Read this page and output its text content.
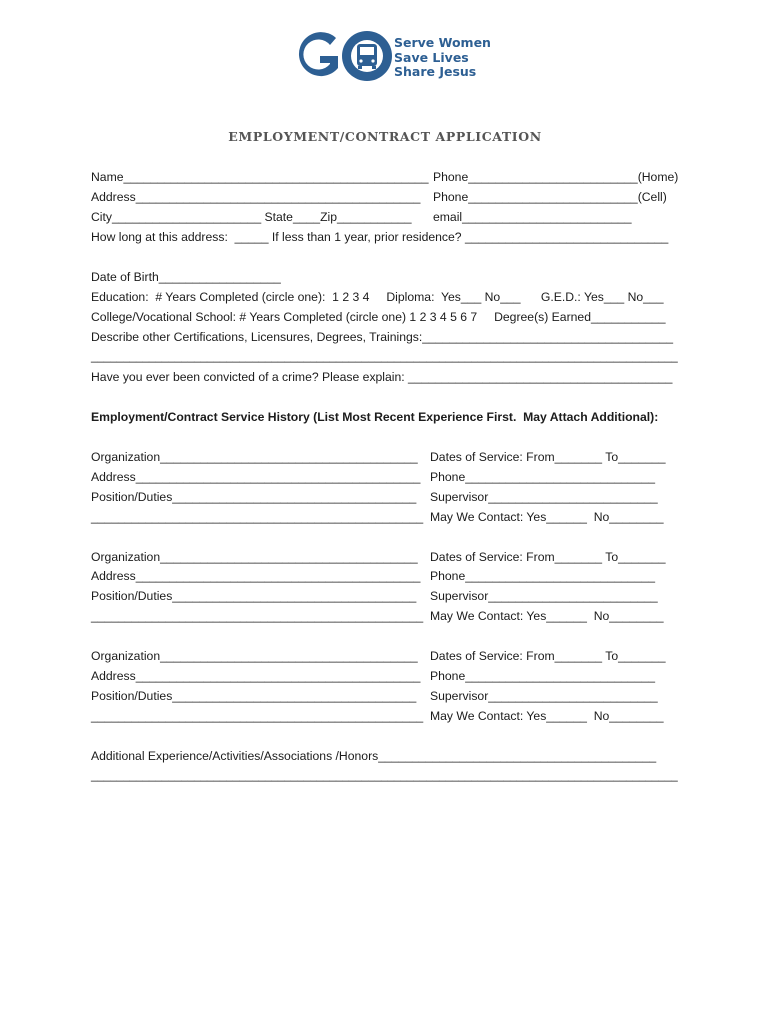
Serve Women
Save Lives
Share Jesus
EMPLOYMENT/CONTRACT APPLICATION
Name_____________________________________________ Phone_________________________(Home)
Address__________________________________________ Phone_________________________(Cell)
City______________________ State____Zip___________ email_________________________
How long at this address:  _____ If less than 1 year, prior residence? ______________________________
Date of Birth__________________
Education:  # Years Completed (circle one):  1 2 3 4     Diploma:  Yes___ No___      G.E.D.: Yes___ No___
College/Vocational School: # Years Completed (circle one) 1 2 3 4 5 6 7     Degree(s) Earned___________
Describe other Certifications, Licensures, Degrees, Trainings:_____________________________________
___________________________________________________________________________________________
Have you ever been convicted of a crime? Please explain: _______________________________________
Employment/Contract Service History (List Most Recent Experience First.  May Attach Additional):
Organization______________________________________ Dates of Service: From_______ To_______
Address__________________________________________ Phone____________________________
Position/Duties____________________________________ Supervisor_________________________
_________________________________________________ May We Contact: Yes______  No________
Organization______________________________________ Dates of Service: From_______ To_______
Address__________________________________________ Phone____________________________
Position/Duties____________________________________ Supervisor_________________________
_________________________________________________ May We Contact: Yes______  No________
Organization______________________________________ Dates of Service: From_______ To_______
Address__________________________________________ Phone____________________________
Position/Duties____________________________________ Supervisor_________________________
_________________________________________________ May We Contact: Yes______  No________
Additional Experience/Activities/Associations /Honors_________________________________________
___________________________________________________________________________________________
